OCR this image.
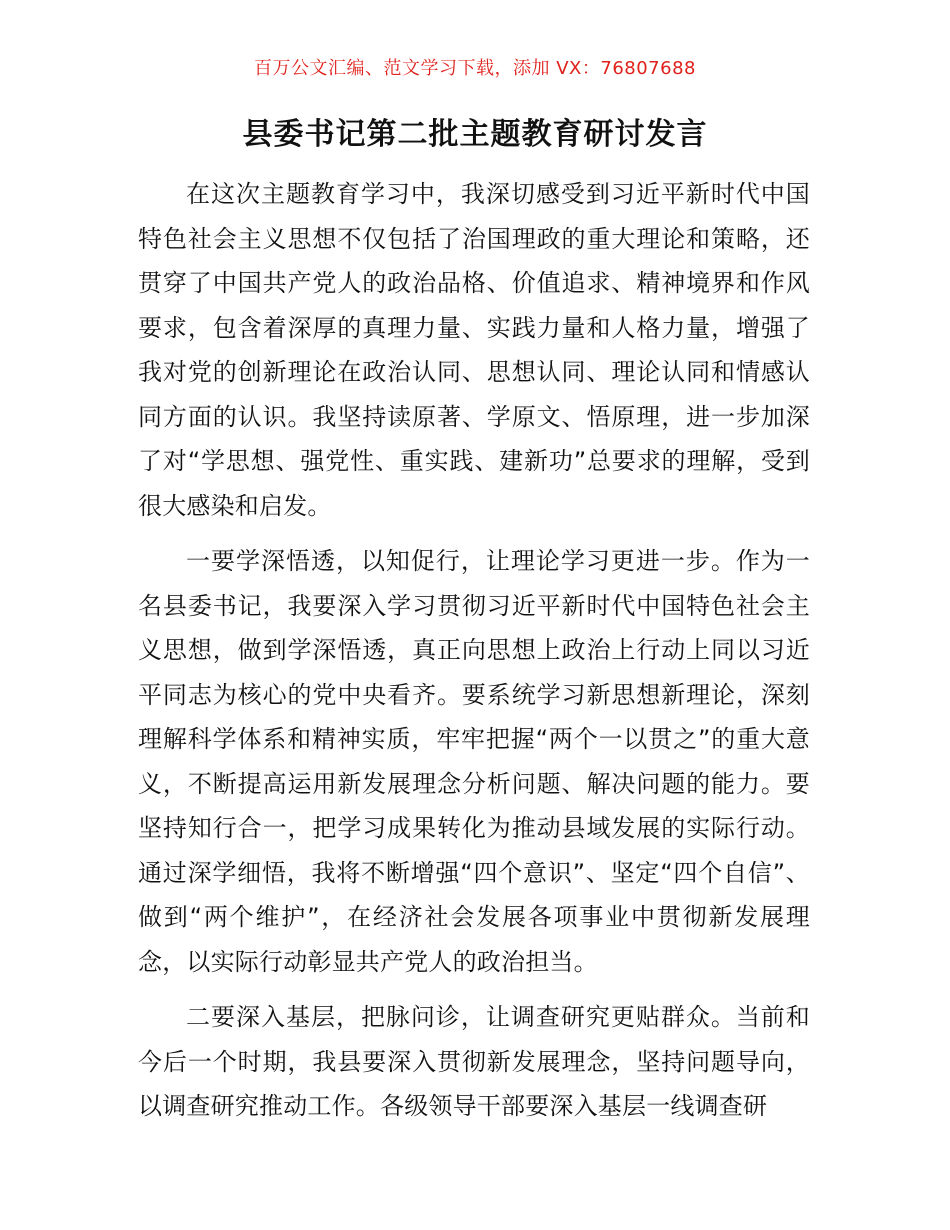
百万公文汇编、范文学习下载，添加 VX：76807688
县委书记第二批主题教育研讨发言

在这次主题教育学习中，我深切感受到习近平新时代中国特色社会主义思想不仅包括了治国理政的重大理论和策略，还贯穿了中国共产党人的政治品格、价值追求、精神境界和作风要求，包含着深厚的真理力量、实践力量和人格力量，增强了我对党的创新理论在政治认同、思想认同、理论认同和情感认同方面的认识。我坚持读原著、学原文、悟原理，进一步加深了对“学思想、强党性、重实践、建新功”总要求的理解，受到很大感染和启发。

一要学深悟透，以知促行，让理论学习更进一步。作为一名县委书记，我要深入学习贯彻习近平新时代中国特色社会主义思想，做到学深悟透，真正向思想上政治上行动上同以习近平同志为核心的党中央看齐。要系统学习新思想新理论，深刻理解科学体系和精神实质，牢牢把握“两个一以贯之”的重大意义，不断提高运用新发展理念分析问题、解决问题的能力。要坚持知行合一，把学习成果转化为推动县域发展的实际行动。通过深学细悟，我将不断增强“四个意识”、坚定“四个自信”、做到“两个维护”，在经济社会发展各项事业中贯彻新发展理念，以实际行动彰显共产党人的政治担当。

二要深入基层，把脉问诊，让调查研究更贴群众。当前和今后一个时期，我县要深入贯彻新发展理念，坚持问题导向，以调查研究推动工作。各级领导干部要深入基层一线调查研
